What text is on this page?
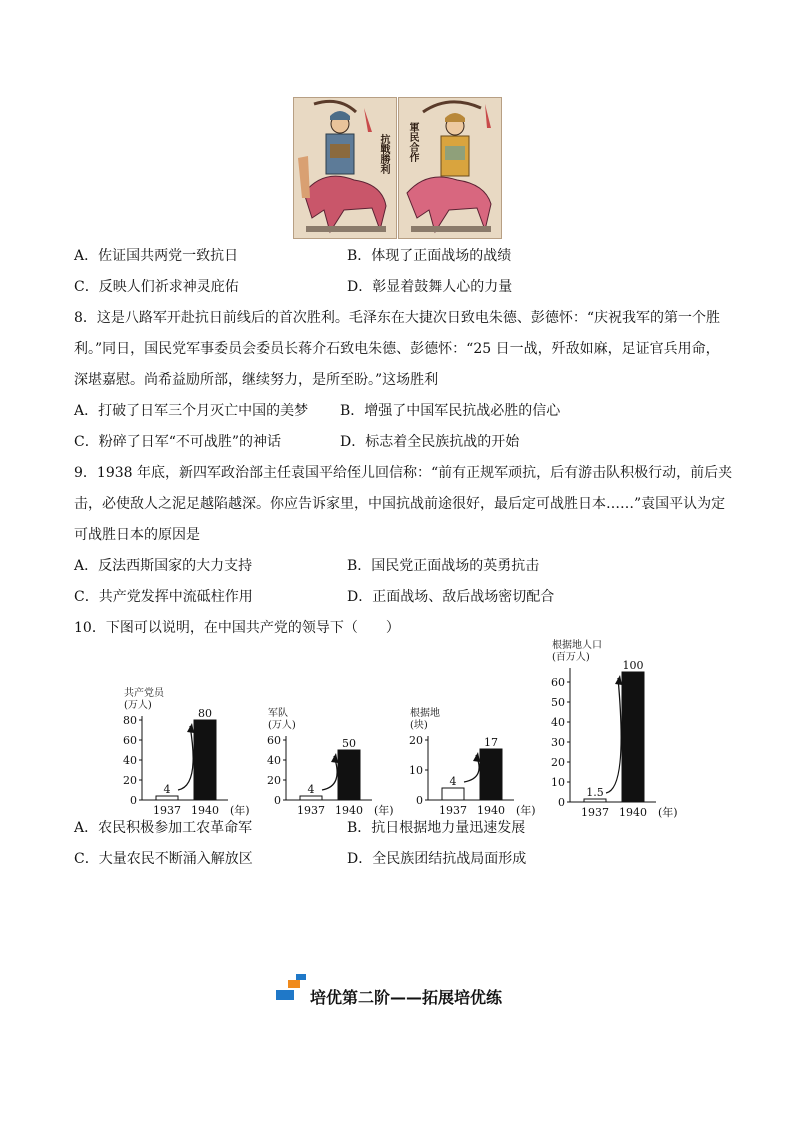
抗戰勝利 軍民合作
A．佐证国共两党一致抗日	B．体现了正面战场的战绩
C．反映人们祈求神灵庇佑	D．彰显着鼓舞人心的力量
8．这是八路军开赴抗日前线后的首次胜利。毛泽东在大捷次日致电朱德、彭德怀：“庆祝我军的第一个胜
利。”同日，国民党军事委员会委员长蒋介石致电朱德、彭德怀：“25 日一战，歼敌如麻，足证官兵用命，
深堪嘉慰。尚希益励所部，继续努力，是所至盼。”这场胜利
A．打破了日军三个月灭亡中国的美梦 B．增强了中国军民抗战必胜的信心
C．粉碎了日军“不可战胜”的神话	D．标志着全民族抗战的开始
9．1938 年底，新四军政治部主任袁国平给侄儿回信称：“前有正规军顽抗，后有游击队积极行动，前后夹
击，必使敌人之泥足越陷越深。你应告诉家里，中国抗战前途很好，最后定可战胜日本……”袁国平认为定
可战胜日本的原因是
A．反法西斯国家的大力支持	B．国民党正面战场的英勇抗击
C．共产党发挥中流砥柱作用	D．正面战场、敌后战场密切配合
10．下图可以说明，在中国共产党的领导下（　　）
共产党员
(万人)
0
20
40
60
80
4
1937
80
1940 (年)
军队
(万人)
0
20
40
60
4
1937
50
1940 (年)
根据地
(块)
0
10
20
4
1937
17
1940 (年)
根据地人口
(百万人)
0
10
20
30
40
50
60
1.5
1937
100
1940 (年)
A．农民积极参加工农革命军	B．抗日根据地力量迅速发展
C．大量农民不断涌入解放区	D．全民族团结抗战局面形成
培优第二阶——拓展培优练
